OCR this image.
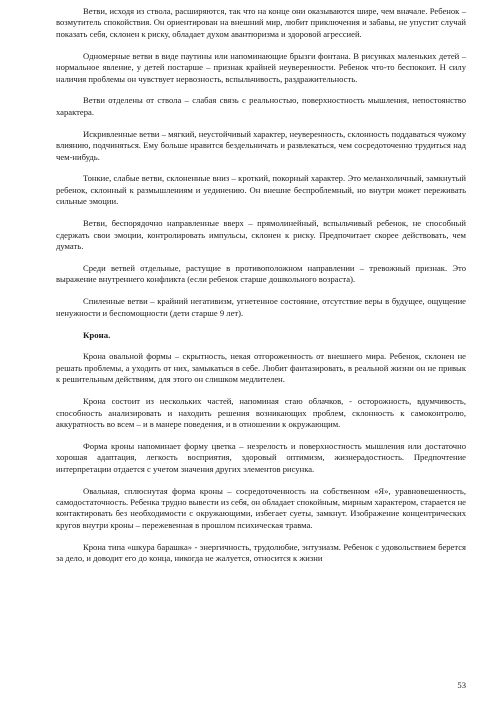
Ветви, исходя из ствола, расширяются, так что на конце они оказываются шире, чем вначале. Ребенок – возмутитель спокойствия. Он ориентирован на внешний мир, любит приключения и забавы, не упустит случай показать себя, склонен к риску, обладает духом авантюризма и здоровой агрессией.

Одномерные ветви в виде паутины или напоминающие брызги фонтана. В рисунках маленьких детей – нормальное явление, у детей постарше – признак крайней неуверенности. Ребенок что-то беспокоит. Н силу наличия проблемы он чувствует нервозность, вспыльчивость, раздражительность.

Ветви отделены от ствола – слабая связь с реальностью, поверхностность мышления, непостоянство характера.

Искривленные ветви – мягкий, неустойчивый характер, неуверенность, склонность поддаваться чужому влиянию, подчиняться. Ему больше нравится бездельничать и развлекаться, чем сосредоточенно трудиться над чем-нибудь.

Тонкие, слабые ветви, склоненные вниз – кроткий, покорный характер. Это меланхоличный, замкнутый ребенок, склонный к размышлениям и уединению. Он внешне беспроблемный, но внутри может переживать сильные эмоции.

Ветви, беспорядочно направленные вверх – прямолинейный, вспыльчивый ребенок, не способный сдержать свои эмоции, контролировать импульсы, склонен к риску. Предпочитает скорее действовать, чем думать.

Среди ветвей отдельные, растущие в противоположном направлении – тревожный признак. Это выражение внутреннего конфликта (если ребенок старше дошкольного возраста).

Спиленные ветви – крайний негативизм, угнетенное состояние, отсутствие веры в будущее, ощущение ненужности и беспомощности (дети старше 9 лет).

Крона.

Крона овальной формы – скрытность, некая отгороженность от внешнего мира. Ребенок, склонен не решать проблемы, а уходить от них, замыкаться в себе. Любит фантазировать, в реальной жизни он не привык к решительным действиям, для этого он слишком медлителен.

Крона состоит из нескольких частей, напоминая стаю облачков, - осторожность, вдумчивость, способность анализировать и находить решения возникающих проблем, склонность к самоконтролю, аккуратность во всем – и в манере поведения, и в отношении к окружающим.

Форма кроны напоминает форму цветка – незрелость и поверхностность мышления или достаточно хорошая адаптация, легкость восприятия, здоровый оптимизм, жизнерадостность. Предпочтение интерпретации отдается с учетом значения других элементов рисунка.

Овальная, сплюснутая форма кроны – сосредоточенность на собственном «Я», уравновешенность, самодостаточность. Ребенка трудно вывести из себя, он обладает спокойным, мирным характером, старается не контактировать без необходимости с окружающими, избегает суеты, замкнут. Изображение концентрических кругов внутри кроны – пережевенная в прошлом психическая травма.

Крона типа «шкура барашка» - энергичность, трудолюбие, энтузиазм. Ребенок с удовольствием берется за дело, и доводит его до конца, никогда не жалуется, относится к жизни

53
